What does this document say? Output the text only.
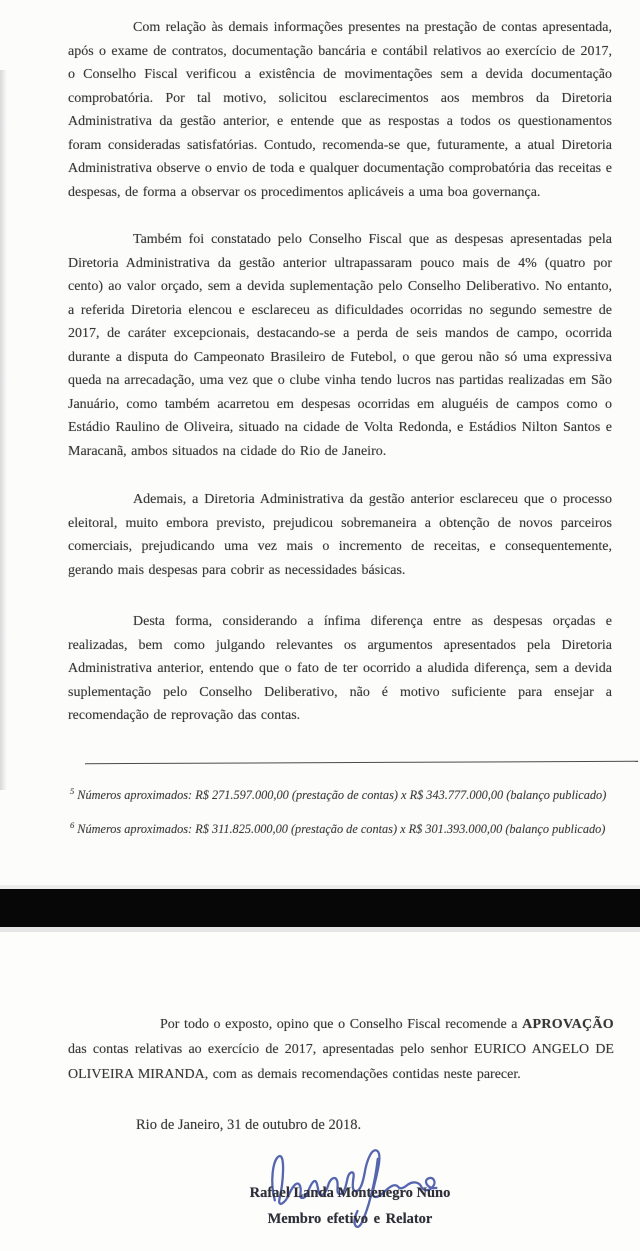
Com relação às demais informações presentes na prestação de contas apresentada, após o exame de contratos, documentação bancária e contábil relativos ao exercício de 2017, o Conselho Fiscal verificou a existência de movimentações sem a devida documentação comprobatória. Por tal motivo, solicitou esclarecimentos aos membros da Diretoria Administrativa da gestão anterior, e entende que as respostas a todos os questionamentos foram consideradas satisfatórias. Contudo, recomenda-se que, futuramente, a atual Diretoria Administrativa observe o envio de toda e qualquer documentação comprobatória das receitas e despesas, de forma a observar os procedimentos aplicáveis a uma boa governança.

Também foi constatado pelo Conselho Fiscal que as despesas apresentadas pela Diretoria Administrativa da gestão anterior ultrapassaram pouco mais de 4% (quatro por cento) ao valor orçado, sem a devida suplementação pelo Conselho Deliberativo. No entanto, a referida Diretoria elencou e esclareceu as dificuldades ocorridas no segundo semestre de 2017, de caráter excepcionais, destacando-se a perda de seis mandos de campo, ocorrida durante a disputa do Campeonato Brasileiro de Futebol, o que gerou não só uma expressiva queda na arrecadação, uma vez que o clube vinha tendo lucros nas partidas realizadas em São Januário, como também acarretou em despesas ocorridas em aluguéis de campos como o Estádio Raulino de Oliveira, situado na cidade de Volta Redonda, e Estádios Nilton Santos e Maracanã, ambos situados na cidade do Rio de Janeiro.

Ademais, a Diretoria Administrativa da gestão anterior esclareceu que o processo eleitoral, muito embora previsto, prejudicou sobremaneira a obtenção de novos parceiros comerciais, prejudicando uma vez mais o incremento de receitas, e consequentemente, gerando mais despesas para cobrir as necessidades básicas.

Desta forma, considerando a ínfima diferença entre as despesas orçadas e realizadas, bem como julgando relevantes os argumentos apresentados pela Diretoria Administrativa anterior, entendo que o fato de ter ocorrido a aludida diferença, sem a devida suplementação pelo Conselho Deliberativo, não é motivo suficiente para ensejar a recomendação de reprovação das contas.

$^5$ Números aproximados: R$ 271.597.000,00 (prestação de contas) x R$ 343.777.000,00 (balanço publicado)
$^6$ Números aproximados: R$ 311.825.000,00 (prestação de contas) x R$ 301.393.000,00 (balanço publicado)

Por todo o exposto, opino que o Conselho Fiscal recomende a APROVAÇÃO das contas relativas ao exercício de 2017, apresentadas pelo senhor EURICO ANGELO DE OLIVEIRA MIRANDA, com as demais recomendações contidas neste parecer.

Rio de Janeiro, 31 de outubro de 2018.
Rafael Landa Montenegro Nuno
Membro efetivo e Relator
